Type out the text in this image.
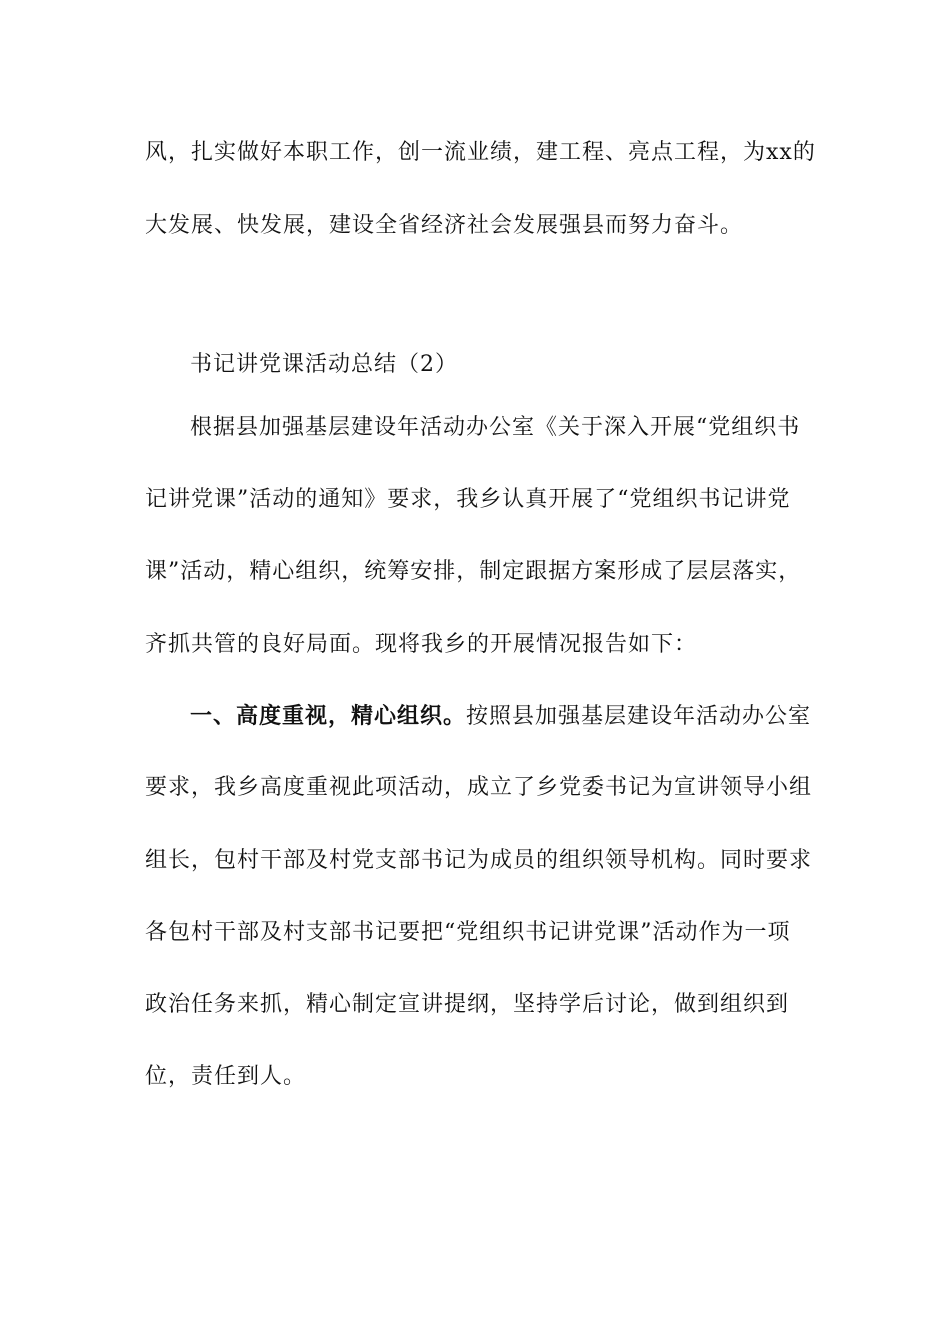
风，扎实做好本职工作，创一流业绩，建工程、亮点工程，为xx的
大发展、快发展，建设全省经济社会发展强县而努力奋斗。
书记讲党课活动总结（2）
根据县加强基层建设年活动办公室《关于深入开展“党组织书
记讲党课”活动的通知》要求，我乡认真开展了“党组织书记讲党
课”活动，精心组织，统筹安排，制定跟据方案形成了层层落实，
齐抓共管的良好局面。现将我乡的开展情况报告如下：
一、高度重视，精心组织。按照县加强基层建设年活动办公室
要求，我乡高度重视此项活动，成立了乡党委书记为宣讲领导小组
组长，包村干部及村党支部书记为成员的组织领导机构。同时要求
各包村干部及村支部书记要把“党组织书记讲党课”活动作为一项
政治任务来抓，精心制定宣讲提纲，坚持学后讨论，做到组织到
位，责任到人。
